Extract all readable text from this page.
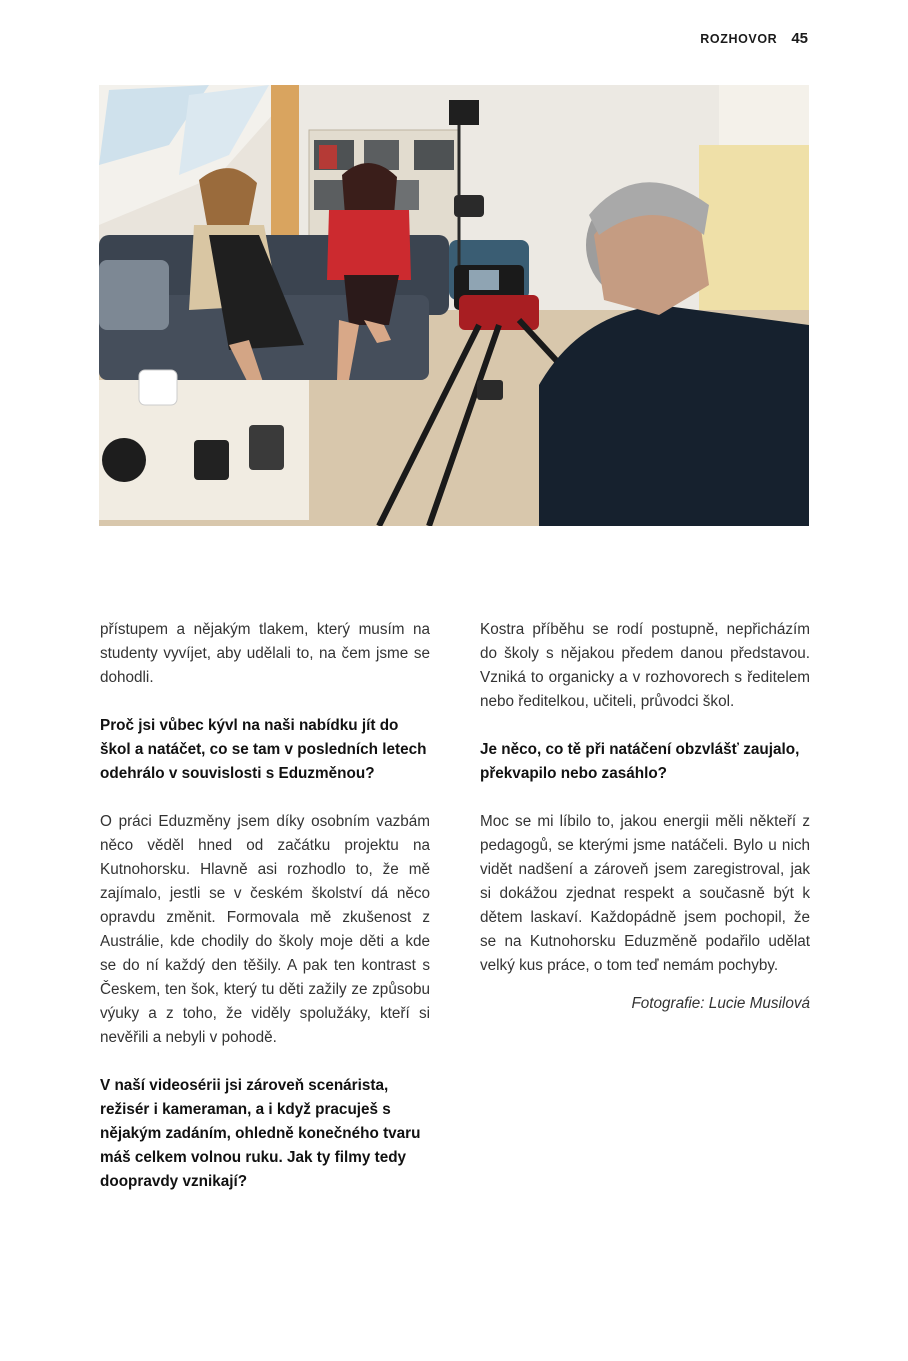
ROZHOVOR 45

přístupem a nějakým tlakem, který musím na studenty vyvíjet, aby udělali to, na čem jsme se dohodli.

Proč jsi vůbec kývl na naši nabídku jít do škol a natáčet, co se tam v posledních letech odehrálo v souvislosti s Eduzměnou?

O práci Eduzměny jsem díky osobním vazbám něco věděl hned od začátku projektu na Kutnohorsku. Hlavně asi rozhodlo to, že mě zajímalo, jestli se v českém školství dá něco opravdu změnit. Formovala mě zkušenost z Austrálie, kde chodily do školy moje děti a kde se do ní každý den těšily. A pak ten kontrast s Českem, ten šok, který tu děti zažily ze způsobu výuky a z toho, že viděly spolužáky, kteří si nevěřili a nebyli v pohodě.

V naší videosérii jsi zároveň scenárista, režisér i kameraman, a i když pracuješ s nějakým zadáním, ohledně konečného tvaru máš celkem volnou ruku. Jak ty filmy tedy doopravdy vznikají?

Kostra příběhu se rodí postupně, nepřicházím do školy s nějakou předem danou představou. Vzniká to organicky a v rozhovorech s ředitelem nebo ředitelkou, učiteli, průvodci škol.

Je něco, co tě při natáčení obzvlášť zaujalo, překvapilo nebo zasáhlo?

Moc se mi líbilo to, jakou energii měli někteří z pedagogů, se kterými jsme natáčeli. Bylo u nich vidět nadšení a zároveň jsem zaregistroval, jak si dokážou zjednat respekt a současně být k dětem laskaví. Každopádně jsem pochopil, že se na Kutnohorsku Eduzměně podařilo udělat velký kus práce, o tom teď nemám pochyby.

Fotografie: Lucie Musilová
